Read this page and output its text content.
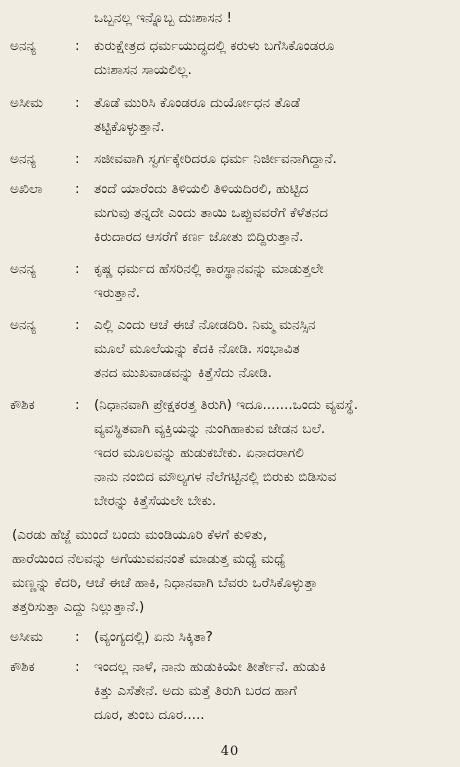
ಒಬ್ಬನಲ್ಲ ಇನ್ನೊಬ್ಬ ದುಃಶಾಸನ !
ಅನನ್ಯ	: ಕುರುಕ್ಷೇತ್ರದ ಧರ್ಮಯುದ್ಧದಲ್ಲಿ ಕರುಳು ಬಗೆಸಿಕೊಂಡರೂ
ದುಃಶಾಸನ ಸಾಯಲಿಲ್ಲ.
ಅಸೀಮ : ತೊಡೆ ಮುರಿಸಿ ಕೊಂಡರೂ ದುರ್ಯೋಧನ ತೊಡೆ
ತಟ್ಟಿಕೊಳ್ಳುತ್ತಾನೆ.
ಅನನ್ಯ	: ಸಜೀವವಾಗಿ ಸ್ವರ್ಗಕ್ಕೇರಿದರೂ ಧರ್ಮ ನಿರ್ಜೀವನಾಗಿದ್ದಾನೆ.
ಅಖಿಲಾ : ತಂದೆ ಯಾರೆಂದು ತಿಳಿಯಲಿ ತಿಳಿಯದಿರಲಿ, ಹುಟ್ಟಿದ
ಮಗುವು ತನ್ನದೇ ಎಂದು ತಾಯಿ ಒಪ್ಪುವವರೆಗೆ ಕೆಳೆತನದ
ಕಿರುದಾರದ ಆಸರೆಗೆ ಕರ್ಣ ಜೋತು ಬಿದ್ದಿರುತ್ತಾನೆ.
ಅನನ್ಯ	: ಕೃಷ್ಣ ಧರ್ಮದ ಹೆಸರಿನಲ್ಲಿ ಕಾರಸ್ಥಾನವನ್ನು ಮಾಡುತ್ತಲೇ
ಇರುತ್ತಾನೆ.
ಅನನ್ಯ	: ಎಲ್ಲಿ ಎಂದು ಆಚೆ ಈಚೆ ನೋಡದಿರಿ. ನಿಮ್ಮ ಮನಸ್ಸಿನ
ಮೂಲೆ ಮೂಲೆಯನ್ನು ಕೆದಕಿ ನೋಡಿ. ಸಂಭಾವಿತ
ತನದ ಮುಖವಾಡವನ್ನು ಕಿತ್ತೆಸೆದು ನೋಡಿ.
ಕೌಶಿಕ	: (ನಿಧಾನವಾಗಿ ಪ್ರೇಕ್ಷಕರತ್ತ ತಿರುಗಿ) ಇದೂ.......ಒಂದು ವ್ಯವಸ್ಥೆ.
ವ್ಯವಸ್ಥಿತವಾಗಿ ವ್ಯಕ್ತಿಯನ್ನು ನುಂಗಿಹಾಕುವ ಜೇಡನ ಬಲೆ.
ಇದರ ಮೂಲವನ್ನು ಹುಡುಕಬೇಕು. ಏನಾದರಾಗಲಿ
ನಾನು ನಂಬಿದ ಮೌಲ್ಯಗಳ ನೆಲೆಗಟ್ಟಿನಲ್ಲಿ ಬಿರುಕು ಬಿಡಿಸುವ
ಬೇರನ್ನು ಕಿತ್ತೆಸೆಯಲೇ ಬೇಕು.
(ಎರಡು ಹೆಜ್ಜೆ ಮುಂದೆ ಬಂದು ಮಂಡಿಯೂರಿ ಕೆಳಗೆ ಕುಳಿತು,
ಹಾರೆಯಿಂದ ನೆಲವನ್ನು ಅಗೆಯುವವನಂತೆ ಮಾಡುತ್ತ ಮಧ್ಯೆ ಮಧ್ಯೆ
ಮಣ್ಣನ್ನು ಕೆದರಿ, ಆಚೆ ಈಚೆ ಹಾಕಿ, ನಿಧಾನವಾಗಿ ಬೆವರು ಒರೆಸಿಕೊಳ್ಳುತ್ತಾ
ತತ್ತರಿಸುತ್ತಾ ಎದ್ದು ನಿಲ್ಲುತ್ತಾನೆ.)
ಅಸೀಮ : (ವ್ಯಂಗ್ಯದಲ್ಲಿ) ಏನು ಸಿಕ್ಕಿತಾ?
ಕೌಶಿಕ	: ಇಂದಲ್ಲ ನಾಳೆ, ನಾನು ಹುಡುಕಿಯೇ ತೀರ್ತೇನೆ. ಹುಡುಕಿ
ಕಿತ್ತು ಎಸೆತೇನೆ. ಅದು ಮತ್ತೆ ತಿರುಗಿ ಬರದ ಹಾಗೆ
ದೂರ, ತುಂಬ ದೂರ.....
40
